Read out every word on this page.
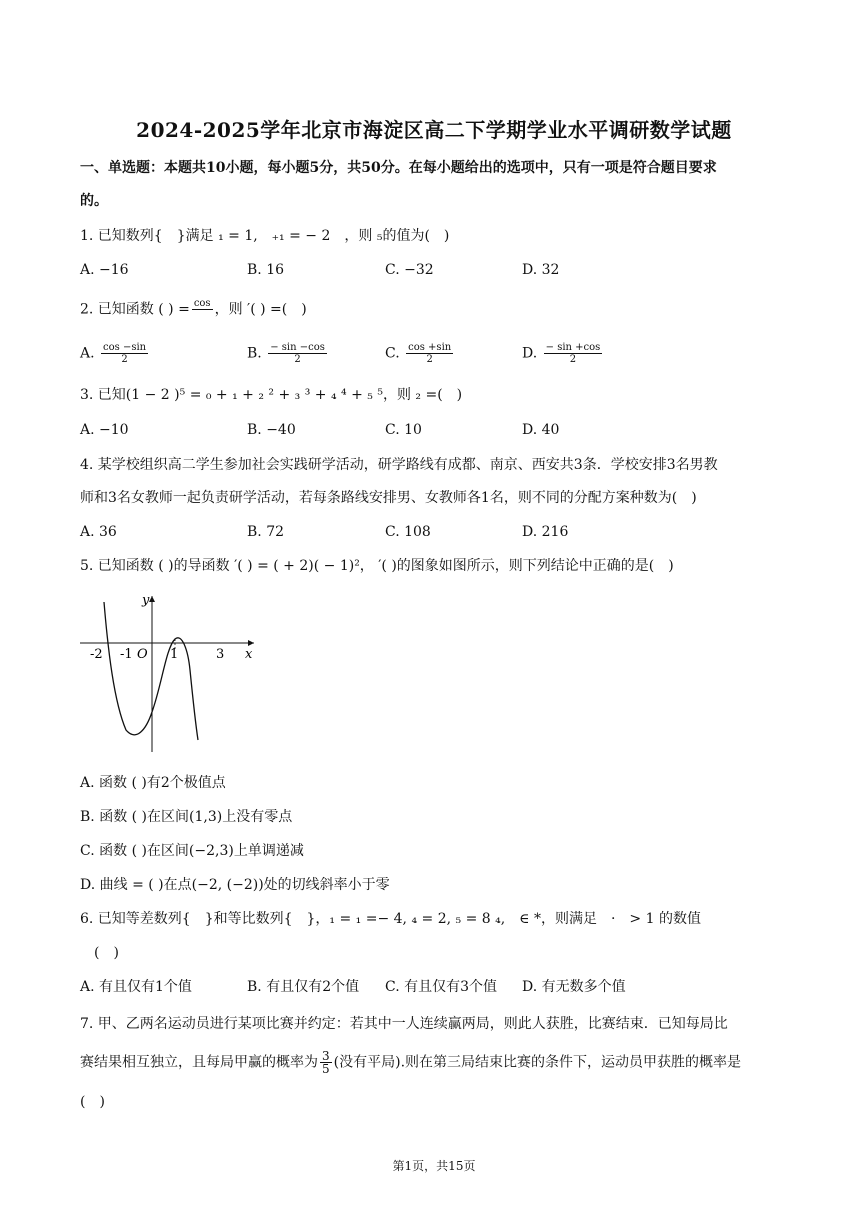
2024-2025学年北京市海淀区高二下学期学业水平调研数学试题
一、单选题：本题共10小题，每小题5分，共50分。在每小题给出的选项中，只有一项是符合题目要求
的。
1. 已知数列{　}满足 ₁ = 1,　₊₁ = − 2　，则 ₅的值为(　)
A. −16	B. 16	C. −32	D. 32
2. 已知函数 ( ) = cos
，则 ′( ) =(　)
A. $\frac{\cos -\sin}{2}$	B. $\frac{- \sin -\cos}{2}$	C. $\frac{\cos +\sin}{2}$	D. $\frac{- \sin +\cos}{2}$
3. 已知(1 − 2 )⁵ = ₀ + ₁ + ₂ ² + ₃ ³ + ₄ ⁴ + ₅ ⁵，则 ₂ =(　)
A. −10	B. −40	C. 10	D. 40
4. 某学校组织高二学生参加社会实践研学活动，研学路线有成都、南京、西安共3条．学校安排3名男教
师和3名女教师一起负责研学活动，若每条路线安排男、女教师各1名，则不同的分配方案种数为(　)
A. 36	B. 72	C. 108	D. 216
5. 已知函数 ( )的导函数 ′( ) = ( + 2)( − 1)²， ′( )的图象如图所示，则下列结论中正确的是(　)
y
x
O
-2 -1	1	3
A. 函数 ( )有2个极值点
B. 函数 ( )在区间(1,3)上没有零点
C. 函数 ( )在区间(−2,3)上单调递减
D. 曲线 = ( )在点(−2, (−2))处的切线斜率小于零
6. 已知等差数列{　}和等比数列{　}，₁ = ₁ =− 4, ₄ = 2, ₅ = 8 ₄,　∈ *，则满足　·　> 1 的数值
(　)
A. 有且仅有1个值	B. 有且仅有2个值 C. 有且仅有3个值 D. 有无数多个值
7. 甲、乙两名运动员进行某项比赛并约定：若其中一人连续赢两局，则此人获胜，比赛结束．已知每局比
赛结果相互独立，且每局甲赢的概率为 $\frac{3}{5}$ (没有平局).则在第三局结束比赛的条件下，运动员甲获胜的概率是
(　)
第1页，共15页
